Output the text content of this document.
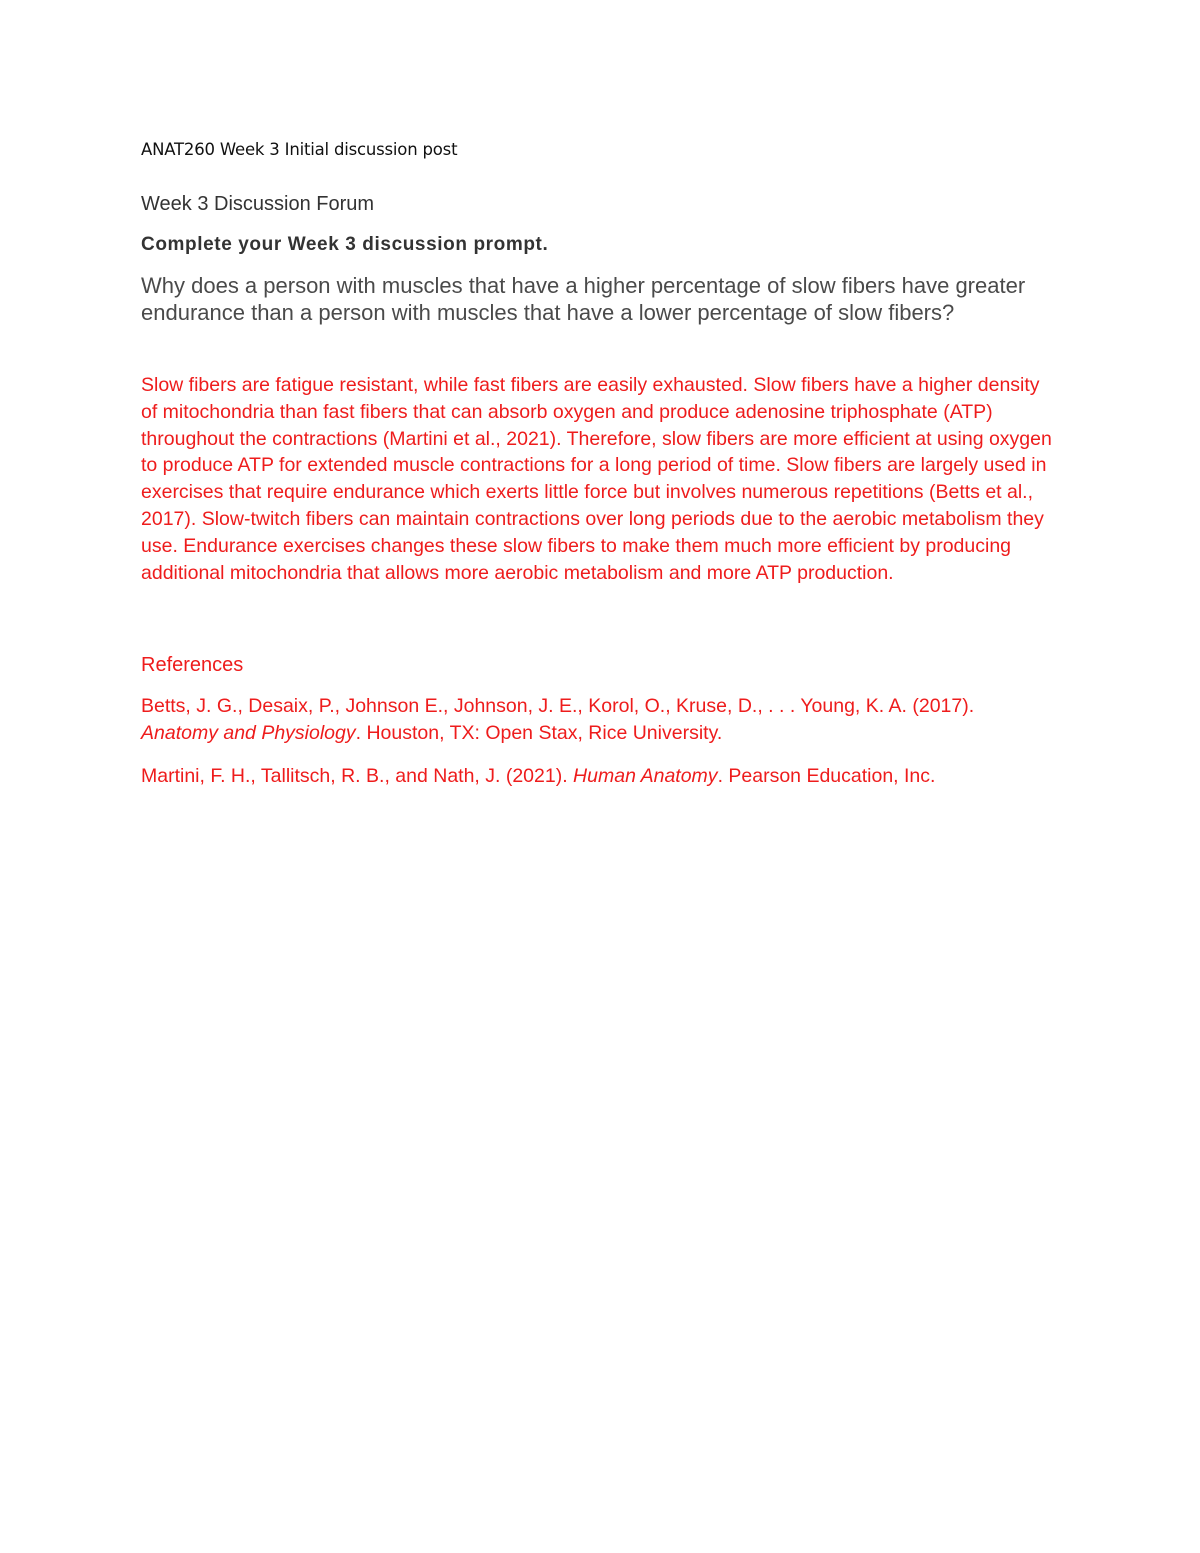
ANAT260 Week 3 Initial discussion post

Week 3 Discussion Forum

Complete your Week 3 discussion prompt.

Why does a person with muscles that have a higher percentage of slow fibers have greater endurance than a person with muscles that have a lower percentage of slow fibers?

Slow fibers are fatigue resistant, while fast fibers are easily exhausted. Slow fibers have a higher density of mitochondria than fast fibers that can absorb oxygen and produce adenosine triphosphate (ATP) throughout the contractions (Martini et al., 2021). Therefore, slow fibers are more efficient at using oxygen to produce ATP for extended muscle contractions for a long period of time. Slow fibers are largely used in exercises that require endurance which exerts little force but involves numerous repetitions (Betts et al., 2017). Slow-twitch fibers can maintain contractions over long periods due to the aerobic metabolism they use. Endurance exercises changes these slow fibers to make them much more efficient by producing additional mitochondria that allows more aerobic metabolism and more ATP production.

References

Betts, J. G., Desaix, P., Johnson E., Johnson, J. E., Korol, O., Kruse, D., . . . Young, K. A. (2017). Anatomy and Physiology. Houston, TX: Open Stax, Rice University.

Martini, F. H., Tallitsch, R. B., and Nath, J. (2021). Human Anatomy. Pearson Education, Inc.
